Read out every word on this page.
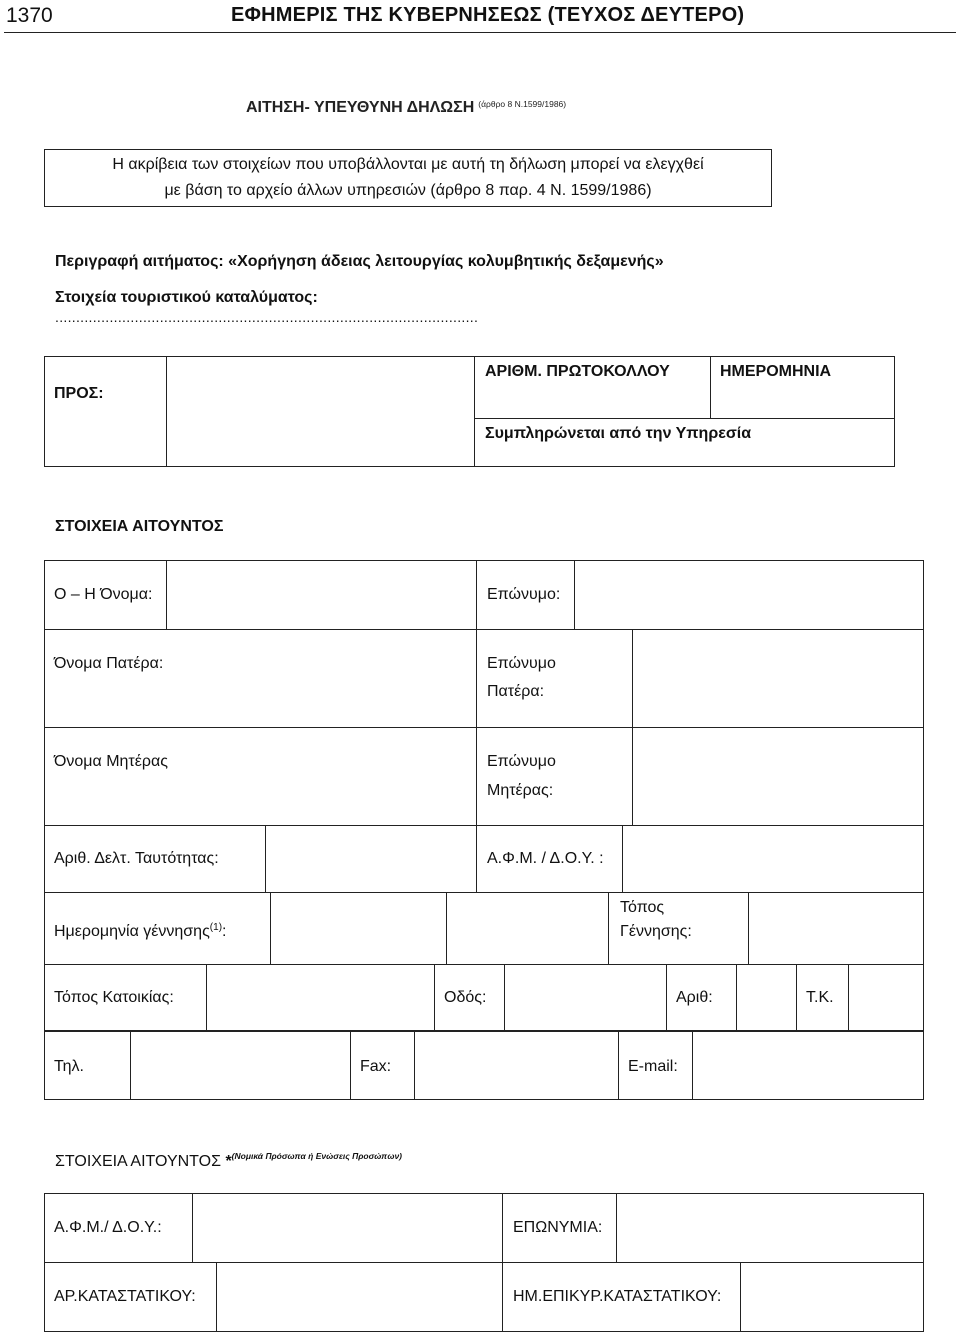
1370	ΕΦΗΜΕΡΙΣ ΤΗΣ ΚΥΒΕΡΝΗΣΕΩΣ (ΤΕΥΧΟΣ ΔΕΥΤΕΡΟ)
ΑΙΤΗΣΗ- ΥΠΕΥΘΥΝΗ ΔΗΛΩΣΗ $^{(ά\rho\theta\rho o 8 N.1599/1986)}$
Η ακρίβεια των στοιχείων που υποβάλλονται με αυτή τη δήλωση μπορεί να ελεγχθεί
με βάση το αρχείο άλλων υπηρεσιών (άρθρο 8 παρ. 4 Ν. 1599/1986)
Περιγραφή αιτήματος: «Χορήγηση άδειας λειτουργίας κολυμβητικής δεξαμενής»
Στοιχεία τουριστικού καταλύματος:
.....................................................................................................
ΠΡΟΣ:
ΑΡΙΘΜ. ΠΡΩΤΟΚΟΛΛΟΥ	ΗΜΕΡΟΜΗΝΙΑ
Συμπληρώνεται από την Υπηρεσία
ΣΤΟΙΧΕΙΑ ΑΙΤΟΥΝΤΟΣ
Ο – Η Όνομα:	Επώνυμο:
Όνομα Πατέρα:	Επώνυμο
Πατέρα:
Όνομα Μητέρας	Επώνυμο
Μητέρας:
Αριθ. Δελτ. Ταυτότητας:	Α.Φ.Μ. / Δ.Ο.Υ. :
Ημερομηνία γέννησης$^{(1)}$:
Τόπος
Γέννησης:
Τόπος Κατοικίας:	Οδός:	Αριθ:	Τ.Κ.
Τηλ.	Fax:	E-mail:
ΣΤΟΙΧΕΙΑ ΑΙΤΟΥΝΤΟΣ *$^{(No\mu\iota\kappa ά \Pi\rho ό\sigma\omega\pi\alpha ή E\nu ώ\sigma\varepsilon\iota\varsigma \Pi\rho o\sigma ώ\pi\omega\nu)}$
Α.Φ.Μ./ Δ.Ο.Υ.:	ΕΠΩΝΥΜΙΑ:
ΑΡ.ΚΑΤΑΣΤΑΤΙΚΟΥ:	ΗΜ.ΕΠΙΚΥΡ.ΚΑΤΑΣΤΑΤΙΚΟΥ:
